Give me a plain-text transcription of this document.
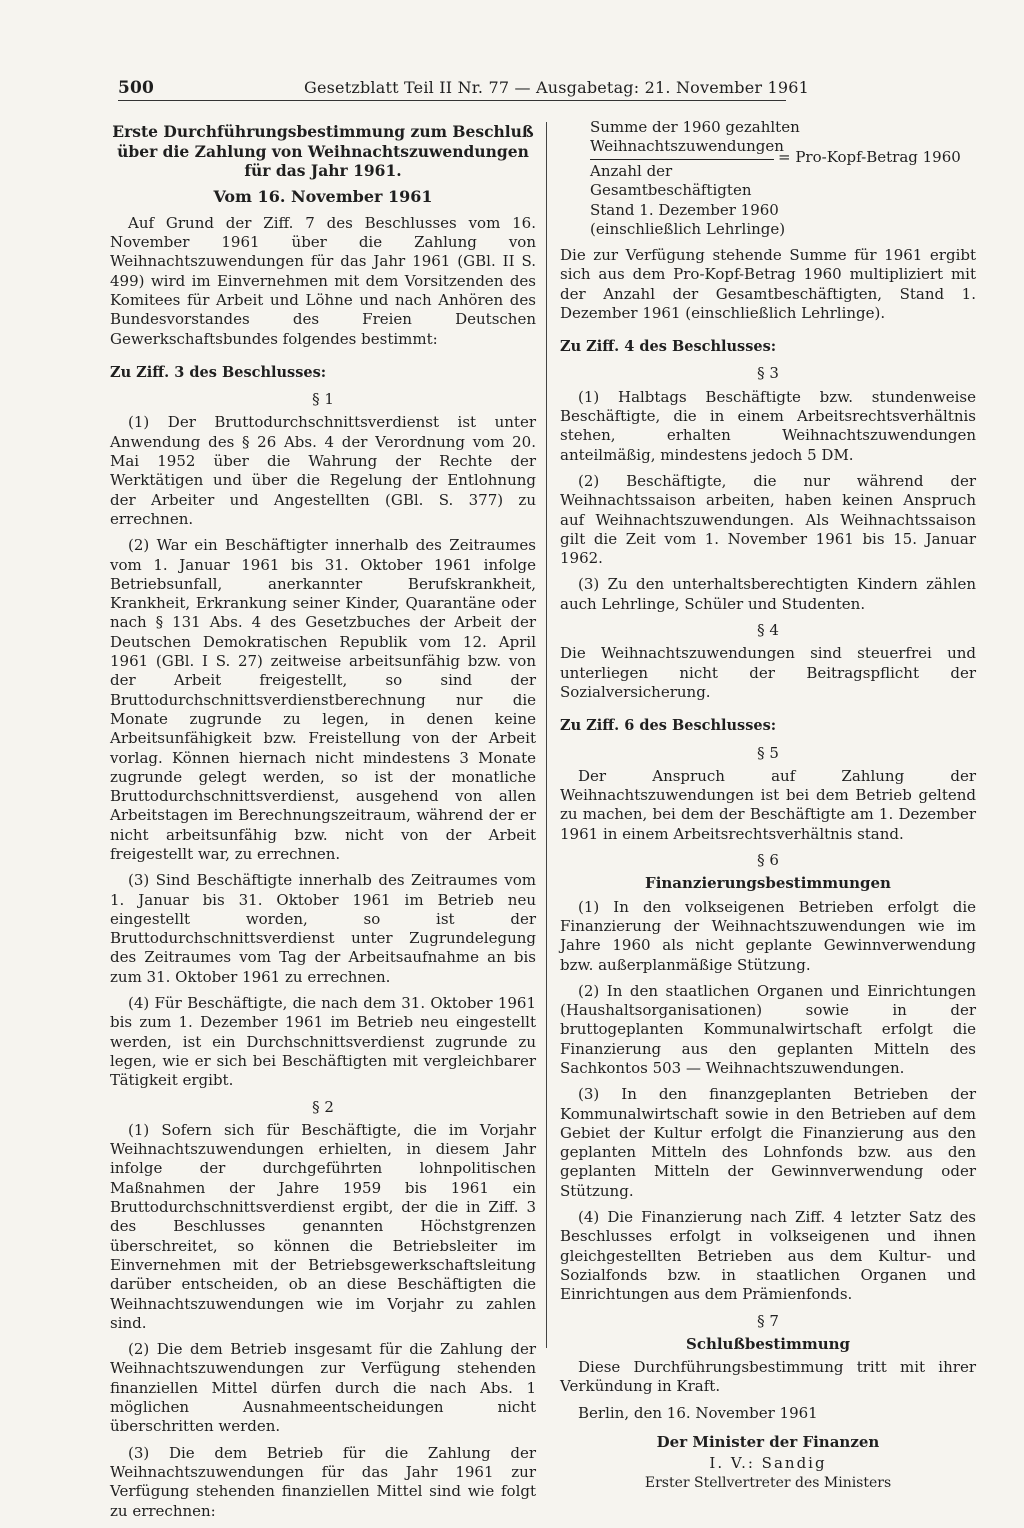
500	Gesetzblatt Teil II Nr. 77 — Ausgabetag: 21. November 1961
Erste Durchführungsbestimmung zum Beschluß über die Zahlung von Weihnachtszuwendungen für das Jahr 1961.
Vom 16. November 1961

Auf Grund der Ziff. 7 des Beschlusses vom 16. November 1961 über die Zahlung von Weihnachtszuwendungen für das Jahr 1961 (GBl. II S. 499) wird im Einvernehmen mit dem Vorsitzenden des Komitees für Arbeit und Löhne und nach Anhören des Bundesvorstandes des Freien Deutschen Gewerkschaftsbundes folgendes bestimmt:

Zu Ziff. 3 des Beschlusses:
§ 1

(1) Der Bruttodurchschnittsverdienst ist unter Anwendung des § 26 Abs. 4 der Verordnung vom 20. Mai 1952 über die Wahrung der Rechte der Werktätigen und über die Regelung der Entlohnung der Arbeiter und Angestellten (GBl. S. 377) zu errechnen.

(2) War ein Beschäftigter innerhalb des Zeitraumes vom 1. Januar 1961 bis 31. Oktober 1961 infolge Betriebsunfall, anerkannter Berufskrankheit, Krankheit, Erkrankung seiner Kinder, Quarantäne oder nach § 131 Abs. 4 des Gesetzbuches der Arbeit der Deutschen Demokratischen Republik vom 12. April 1961 (GBl. I S. 27) zeitweise arbeitsunfähig bzw. von der Arbeit freigestellt, so sind der Bruttodurchschnittsverdienstberechnung nur die Monate zugrunde zu legen, in denen keine Arbeitsunfähigkeit bzw. Freistellung von der Arbeit vorlag. Können hiernach nicht mindestens 3 Monate zugrunde gelegt werden, so ist der monatliche Bruttodurchschnittsverdienst, ausgehend von allen Arbeitstagen im Berechnungszeitraum, während der er nicht arbeitsunfähig bzw. nicht von der Arbeit freigestellt war, zu errechnen.

(3) Sind Beschäftigte innerhalb des Zeitraumes vom 1. Januar bis 31. Oktober 1961 im Betrieb neu eingestellt worden, so ist der Bruttodurchschnittsverdienst unter Zugrundelegung des Zeitraumes vom Tag der Arbeitsaufnahme an bis zum 31. Oktober 1961 zu errechnen.

(4) Für Beschäftigte, die nach dem 31. Oktober 1961 bis zum 1. Dezember 1961 im Betrieb neu eingestellt werden, ist ein Durchschnittsverdienst zugrunde zu legen, wie er sich bei Beschäftigten mit vergleichbarer Tätigkeit ergibt.

§ 2

(1) Sofern sich für Beschäftigte, die im Vorjahr Weihnachtszuwendungen erhielten, in diesem Jahr infolge der durchgeführten lohnpolitischen Maßnahmen der Jahre 1959 bis 1961 ein Bruttodurchschnittsverdienst ergibt, der die in Ziff. 3 des Beschlusses genannten Höchstgrenzen überschreitet, so können die Betriebsleiter im Einvernehmen mit der Betriebsgewerkschaftsleitung darüber entscheiden, ob an diese Beschäftigten die Weihnachtszuwendungen wie im Vorjahr zu zahlen sind.

(2) Die dem Betrieb insgesamt für die Zahlung der Weihnachtszuwendungen zur Verfügung stehenden finanziellen Mittel dürfen durch die nach Abs. 1 möglichen Ausnahmeentscheidungen nicht überschritten werden.

(3) Die dem Betrieb für die Zahlung der Weihnachtszuwendungen für das Jahr 1961 zur Verfügung stehenden finanziellen Mittel sind wie folgt zu errechnen:

Summe der 1960 gezahlten
Weihnachtszuwendungen
= Pro-Kopf-Betrag 1960
Anzahl der
Gesamtbeschäftigten
Stand 1. Dezember 1960
(einschließlich Lehrlinge)

Die zur Verfügung stehende Summe für 1961 ergibt sich aus dem Pro-Kopf-Betrag 1960 multipliziert mit der Anzahl der Gesamtbeschäftigten, Stand 1. Dezember 1961 (einschließlich Lehrlinge).

Zu Ziff. 4 des Beschlusses:
§ 3

(1) Halbtags Beschäftigte bzw. stundenweise Beschäftigte, die in einem Arbeitsrechtsverhältnis stehen, erhalten Weihnachtszuwendungen anteilmäßig, mindestens jedoch 5 DM.

(2) Beschäftigte, die nur während der Weihnachtssaison arbeiten, haben keinen Anspruch auf Weihnachtszuwendungen. Als Weihnachtssaison gilt die Zeit vom 1. November 1961 bis 15. Januar 1962.

(3) Zu den unterhaltsberechtigten Kindern zählen auch Lehrlinge, Schüler und Studenten.

§ 4

Die Weihnachtszuwendungen sind steuerfrei und unterliegen nicht der Beitragspflicht der Sozialversicherung.

Zu Ziff. 6 des Beschlusses:
§ 5

Der Anspruch auf Zahlung der Weihnachtszuwendungen ist bei dem Betrieb geltend zu machen, bei dem der Beschäftigte am 1. Dezember 1961 in einem Arbeitsrechtsverhältnis stand.

§ 6
Finanzierungsbestimmungen

(1) In den volkseigenen Betrieben erfolgt die Finanzierung der Weihnachtszuwendungen wie im Jahre 1960 als nicht geplante Gewinnverwendung bzw. außerplanmäßige Stützung.

(2) In den staatlichen Organen und Einrichtungen (Haushaltsorganisationen) sowie in der bruttogeplanten Kommunalwirtschaft erfolgt die Finanzierung aus den geplanten Mitteln des Sachkontos 503 — Weihnachtszuwendungen.

(3) In den finanzgeplanten Betrieben der Kommunalwirtschaft sowie in den Betrieben auf dem Gebiet der Kultur erfolgt die Finanzierung aus den geplanten Mitteln des Lohnfonds bzw. aus den geplanten Mitteln der Gewinnverwendung oder Stützung.

(4) Die Finanzierung nach Ziff. 4 letzter Satz des Beschlusses erfolgt in volkseigenen und ihnen gleichgestellten Betrieben aus dem Kultur- und Sozialfonds bzw. in staatlichen Organen und Einrichtungen aus dem Prämienfonds.

§ 7
Schlußbestimmung

Diese Durchführungsbestimmung tritt mit ihrer Verkündung in Kraft.

Berlin, den 16. November 1961

Der Minister der Finanzen
I. V.: Sandig
Erster Stellvertreter des Ministers
